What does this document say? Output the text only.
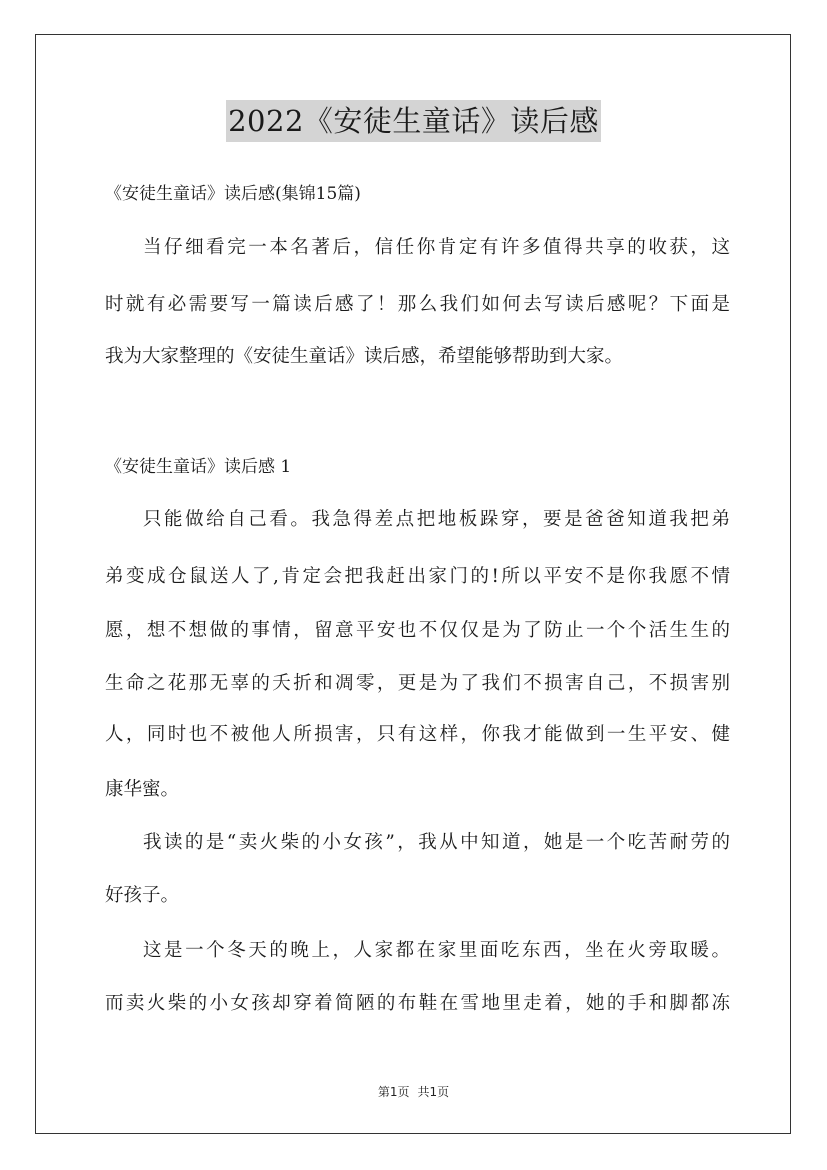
2022《安徒生童话》读后感
《安徒生童话》读后感(集锦15篇)
当仔细看完一本名著后，信任你肯定有许多值得共享的收获，这
时就有必需要写一篇读后感了！那么我们如何去写读后感呢？下面是
我为大家整理的《安徒生童话》读后感，希望能够帮助到大家。
《安徒生童话》读后感 1
只能做给自己看。我急得差点把地板跺穿，要是爸爸知道我把弟
弟变成仓鼠送人了,肯定会把我赶出家门的!所以平安不是你我愿不情
愿，想不想做的事情，留意平安也不仅仅是为了防止一个个活生生的
生命之花那无辜的夭折和凋零，更是为了我们不损害自己，不损害别
人，同时也不被他人所损害，只有这样，你我才能做到一生平安、健
康华蜜。
我读的是“卖火柴的小女孩”，我从中知道，她是一个吃苦耐劳的
好孩子。
这是一个冬天的晚上，人家都在家里面吃东西，坐在火旁取暖。
而卖火柴的小女孩却穿着简陋的布鞋在雪地里走着，她的手和脚都冻
第1页 共1页
